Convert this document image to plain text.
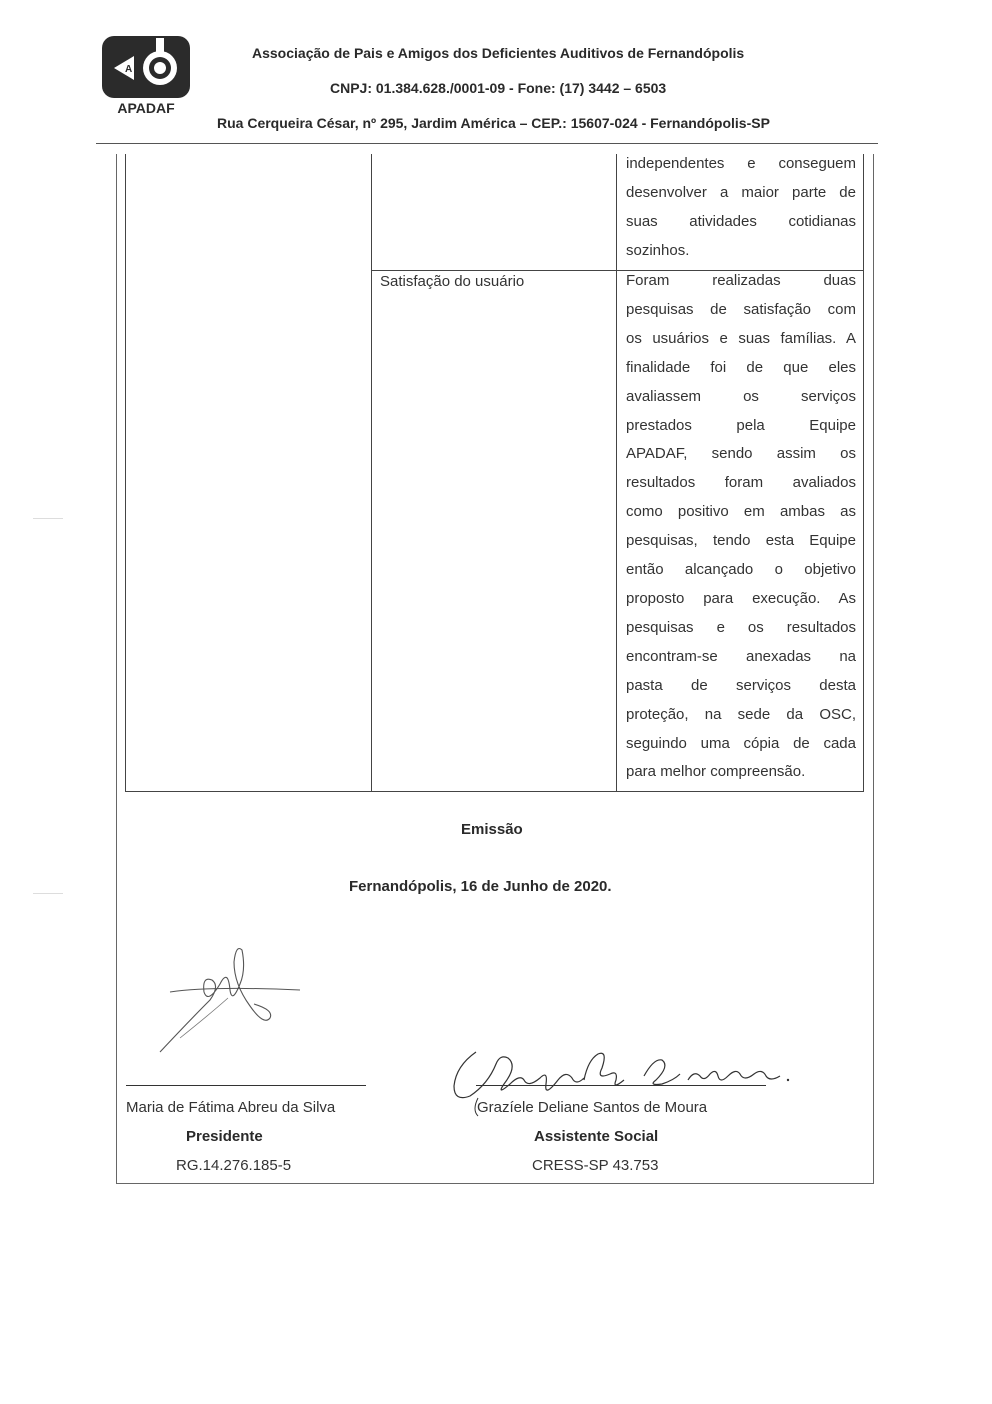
A
APADAF
Associação de Pais e Amigos dos Deficientes Auditivos de Fernandópolis
CNPJ: 01.384.628./0001-09 - Fone: (17) 3442 – 6503
Rua Cerqueira César, nº 295, Jardim América – CEP.: 15607-024 - Fernandópolis-SP
independentes e conseguem
desenvolver a maior parte de
suas atividades cotidianas
sozinhos.
Satisfação do usuário	Foram realizadas duas
pesquisas de satisfação com
os usuários e suas famílias. A
finalidade foi de que eles
avaliassem os serviços
prestados pela Equipe
APADAF, sendo assim os
resultados foram avaliados
como positivo em ambas as
pesquisas, tendo esta Equipe
então alcançado o objetivo
proposto para execução. As
pesquisas e os resultados
encontram-se anexadas na
pasta de serviços desta
proteção, na sede da OSC,
seguindo uma cópia de cada
para melhor compreensão.
Emissão
Fernandópolis, 16 de Junho de 2020.
Maria de Fátima Abreu da Silva
Presidente
RG.14.276.185-5
Grazíele Deliane Santos de Moura
Assistente Social
CRESS-SP 43.753
